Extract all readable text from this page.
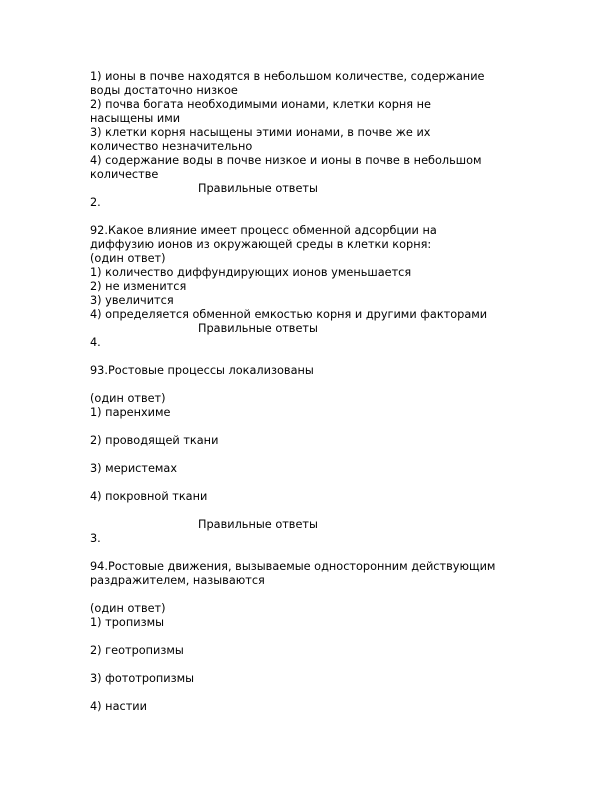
1) ионы в почве находятся в небольшом количестве, содержание
воды достаточно низкое
2) почва богата необходимыми ионами, клетки корня не
насыщены ими
3) клетки корня насыщены этими ионами, в почве же их
количество незначительно
4) содержание воды в почве низкое и ионы в почве в небольшом
количестве
Правильные ответы
2.
92.Какое влияние имеет процесс обменной адсорбции на
диффузию ионов из окружающей среды в клетки корня:
(один ответ)
1) количество диффундирующих ионов уменьшается
2) не изменится
3) увеличится
4) определяется обменной емкостью корня и другими факторами
Правильные ответы
4.
93.Ростовые процессы локализованы
(один ответ)
1) паренхиме
2) проводящей ткани
3) меристемах
4) покровной ткани
Правильные ответы
3.
94.Ростовые движения, вызываемые односторонним действующим
раздражителем, называются
(один ответ)
1) тропизмы
2) геотропизмы
3) фототропизмы
4) настии
